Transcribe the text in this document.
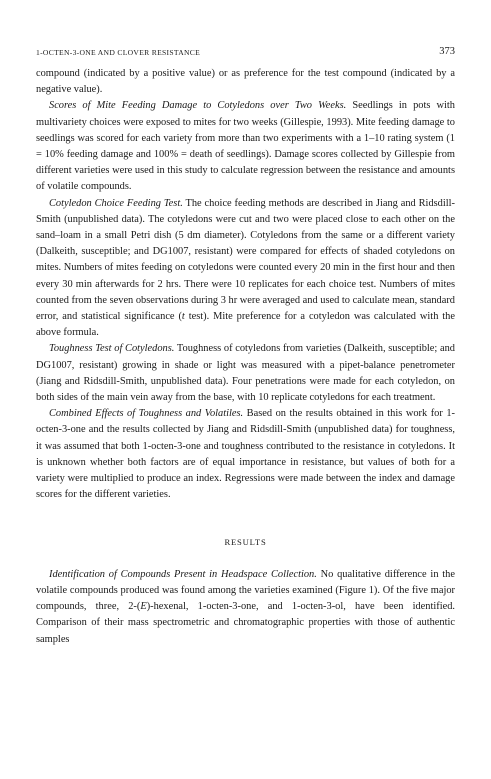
1-OCTEN-3-ONE AND CLOVER RESISTANCE	373

compound (indicated by a positive value) or as preference for the test compound (indicated by a negative value).

Scores of Mite Feeding Damage to Cotyledons over Two Weeks. Seedlings in pots with multivariety choices were exposed to mites for two weeks (Gillespie, 1993). Mite feeding damage to seedlings was scored for each variety from more than two experiments with a 1–10 rating system (1 = 10% feeding damage and 100% = death of seedlings). Damage scores collected by Gillespie from different varieties were used in this study to calculate regression between the resistance and amounts of volatile compounds.

Cotyledon Choice Feeding Test. The choice feeding methods are described in Jiang and Ridsdill-Smith (unpublished data). The cotyledons were cut and two were placed close to each other on the sand–loam in a small Petri dish (5 dm diameter). Cotyledons from the same or a different variety (Dalkeith, susceptible; and DG1007, resistant) were compared for effects of shaded cotyledons on mites. Numbers of mites feeding on cotyledons were counted every 20 min in the first hour and then every 30 min afterwards for 2 hrs. There were 10 replicates for each choice test. Numbers of mites counted from the seven observations during 3 hr were averaged and used to calculate mean, standard error, and statistical significance (t test). Mite preference for a cotyledon was calculated with the above formula.

Toughness Test of Cotyledons. Toughness of cotyledons from varieties (Dalkeith, susceptible; and DG1007, resistant) growing in shade or light was measured with a pipet-balance penetrometer (Jiang and Ridsdill-Smith, unpublished data). Four penetrations were made for each cotyledon, on both sides of the main vein away from the base, with 10 replicate cotyledons for each treatment.

Combined Effects of Toughness and Volatiles. Based on the results obtained in this work for 1-octen-3-one and the results collected by Jiang and Ridsdill-Smith (unpublished data) for toughness, it was assumed that both 1-octen-3-one and toughness contributed to the resistance in cotyledons. It is unknown whether both factors are of equal importance in resistance, but values of both for a variety were multiplied to produce an index. Regressions were made between the index and damage scores for the different varieties.

RESULTS

Identification of Compounds Present in Headspace Collection. No qualitative difference in the volatile compounds produced was found among the varieties examined (Figure 1). Of the five major compounds, three, 2-(E)-hexenal, 1-octen-3-one, and 1-octen-3-ol, have been identified. Comparison of their mass spectrometric and chromatographic properties with those of authentic samples
